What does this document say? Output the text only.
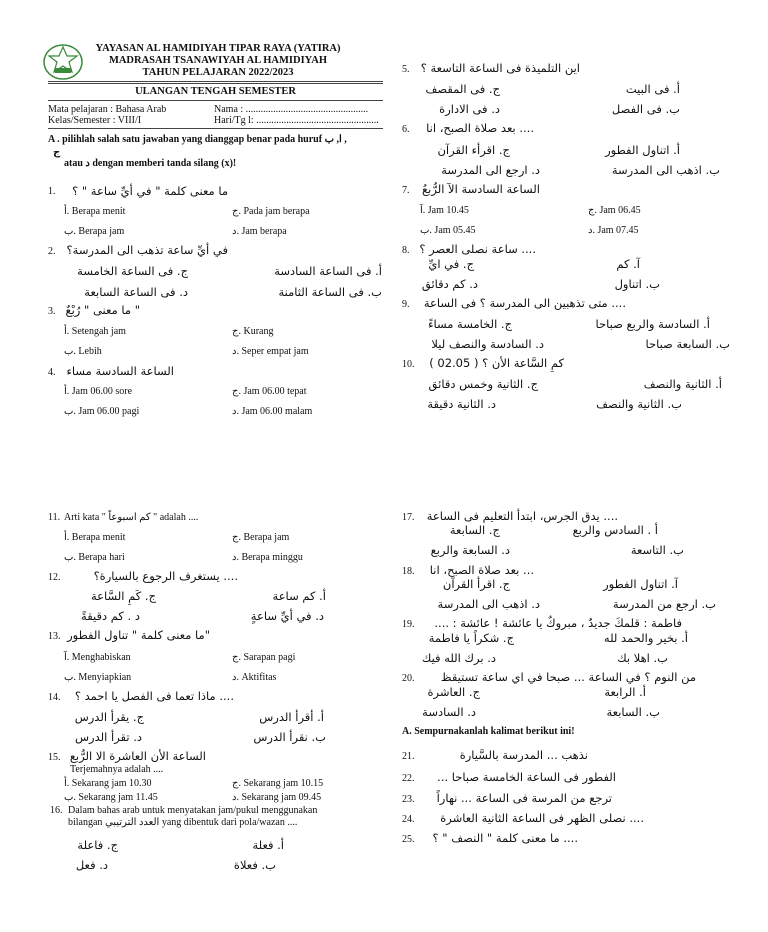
YAYASAN AL HAMIDIYAH TIPAR RAYA (YATIRA)
MADRASAH TSANAWIYAH AL HAMIDIYAH
TAHUN PELAJARAN 2022/2023
ULANGAN TENGAH SEMESTER
Mata pelajaran : Bahasa Arab
Kelas/Semester : VIII/I
Nama : .................................................
Hari/Tg l: .................................................
A . pilihlah salah satu jawaban yang dianggap benar pada huruf ا, ب ,
ج
atau د dengan memberi tanda silang (x)!
1.	ما معنى كلمة " في أيِّ ساعة " ؟
أ. Berapa menit
ب. Berapa jam
ج. Pada jam berapa
د. Jam berapa
2. في أيِّ ساعة تذهب الى المدرسة؟
أ. فى الساعة السادسة
ب. فى الساعة الثامنة
ج. فى الساعة الخامسة
د. فى الساعة السابعة
3. " ما معنى " رُبْعٌ
أ. Setengah jam
ب. Lebih
ج. Kurang
د. Seper empat jam
4. الساعة السادسة مساء
أ. Jam 06.00 sore
ب. Jam 06.00 pagi
ج. Jam 06.00 tepat
د. Jam 06.00 malam
5. اين التلميذة فى الساعة التاسعة ؟
أ. فى البيت
ب. فى الفصل
ج. فى المقصف
د. فى الادارة
6.	.... بعد صلاة الصبح، انا
أ. اتناول الفطور
ب. اذهب الى المدرسة
ج. اقرأء القرآن
د. ارجع الى المدرسة
7.	الساعة السادسة الآ الرُّبعُ
آ. Jam 10.45
ب. Jam 05.45
ج. Jam 06.45
د. Jam 07.45
8. .... ساعة نصلى العصر ؟
آ. كم
ب. اتناول
ج. في ايِّ
د. كم دقائق
9.	.... متى تذهبين الى المدرسة ؟ فى الساعة
أ. السادسة والربع صباحا
ب. السابعة صباحا
ج. الخامسة مساءً
د. السادسة والنصف ليلا
10.	كمِ السَّاعة الأن ؟ ( 02.05 )
أ. الثانية والنصف
ب. الثانية والنصف
ج. الثانية وخمس دقائق
د. الثانية دقيقة
11. Arti kata " كم اسبوعاً " adalah ....
أ. Berapa menit
ب. Berapa hari
ج. Berapa jam
د. Berapa minggu
12.	.... يستغرف الرجوع بالسيارة؟
أ. كم ساعة
د. في أيِّ ساعةٍ
ج. كَمِ السَّاعة
د . كم دقيقةً
13. "ما معنى كلمة " تناول الفطور
آ. Menghabiskan
ب. Menyiapkian
ج. Sarapan pagi
د. Aktifitas
14.	.... ماذا تعما فى الفصل يا احمد ؟
أ. أقرأ الدرس
ب. نقرأ الدرس
ج. يقرأ الدرس
د. تقرأ الدرس
15. الساعة الأن العاشرة الا الرُّبع
Terjemahnya adalah ....
أ. Sekarang jam 10.30
ب. Sekarang jam 11.45
ج. Sekarang jam 10.15
د. Sekarang jam 09.45
16. Dalam bahas arab untuk menyatakan jam/pukul menggunakan
bilangan العدد الترتيبي yang dibentuk dari pola/wazan ....
أ. فعلة
ب. فعلاة
ج. فاعلة
د. فعل
17.	.... يدق الجرس، ابتدأ التعليم فى الساعة
أ . السادس والربع
ب. التاسعة
ج. السابعة
د. السابعة والربع
18.	... بعد صلاة الصبح، انا
آ. اتناول الفطور
ب. ارجع من المدرسة
ج. اقرأ القرآن
د. اذهب الى المدرسة
19.	فاطمة : قلمكَ جديدٌ ، مبروكٌ يا عائشة ! عائشة : ....
أ. بخير والحمد لله
ب. اهلا بك
ج. شكراً يا فاطمة
د. برك الله فيك
20.	من النوم ؟ في الساعة ... صبحا في اي ساعة تستيقظ
أ. الرابعة
ب. السابعة
ج. العاشرة
د. السادسة
A. Sempurnakanlah kalimat berikut ini!
21.	نذهب ... المدرسة بالسَّيارة
22.	الفطور فى الساعة الخامسة صباحا ...
23.	ترجع من المرسة فى الساعة ... نهاراً
24.	.... نصلى الظهر فى الساعة الثانية العاشرة
25.	.... ما معنى كلمة " النصف " ؟
